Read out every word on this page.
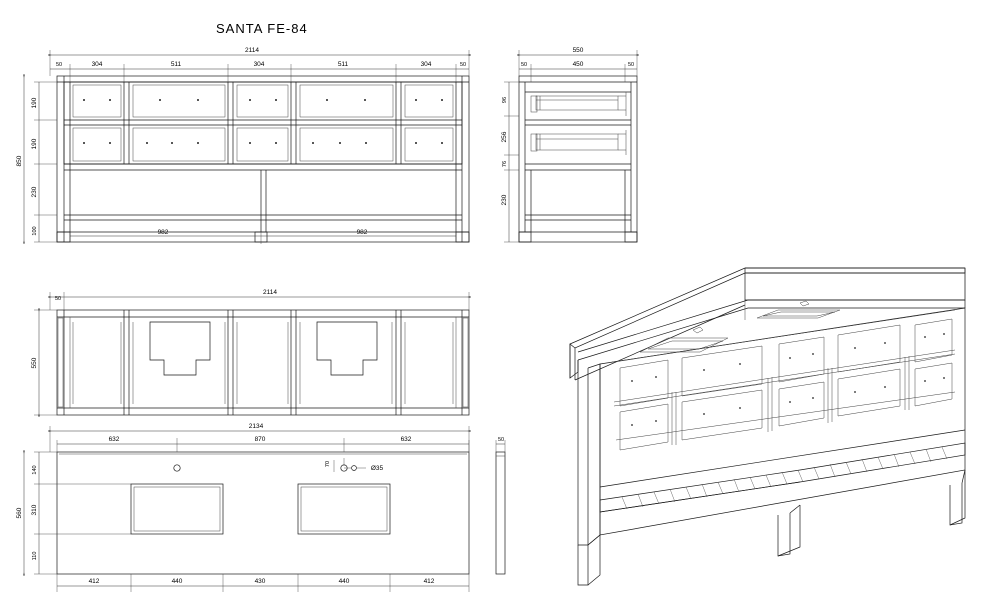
2114
50	304	511	304	511	304	50
190
190
230
100
850
982	982
550
50	450	50
96
256
76
230
2114
50
550
2134
632	870	632
70
Ø35
140
310
110
560
412	440	430	440	412
50
SANTA FE-84
